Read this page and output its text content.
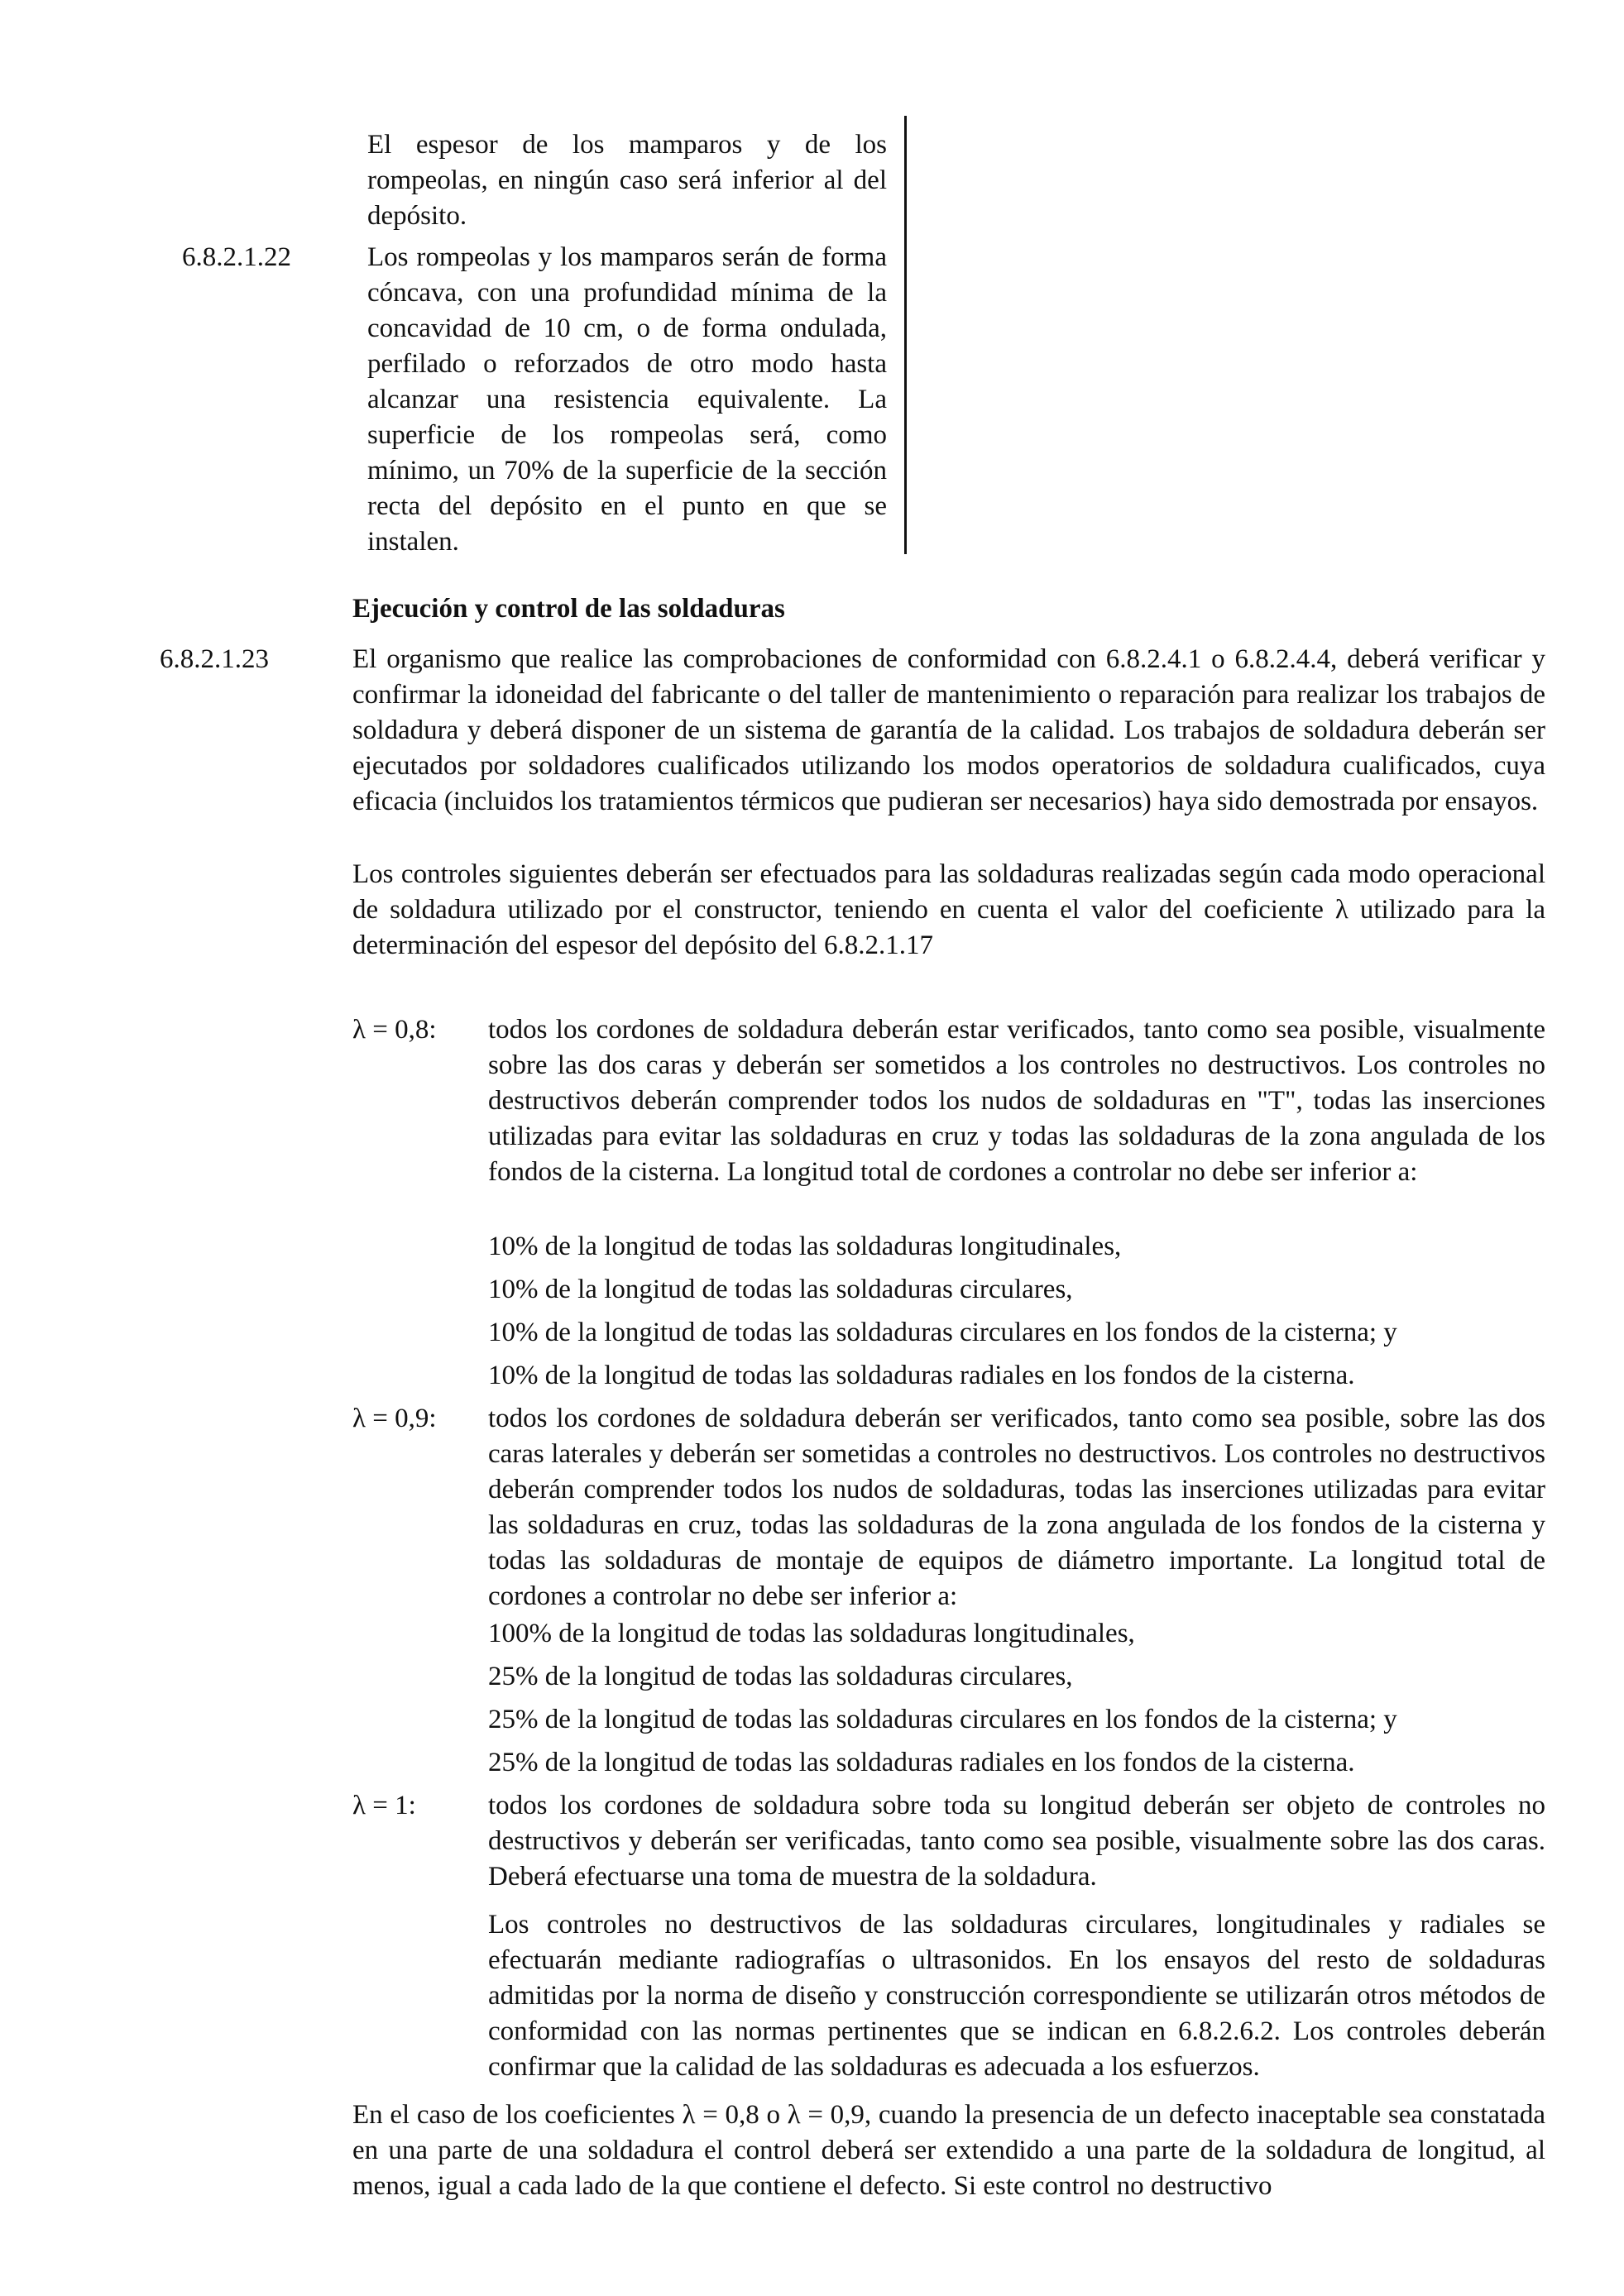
El espesor de los mamparos y de los rompeolas, en ningún caso será inferior al del depósito.

6.8.2.1.22	Los rompeolas y los mamparos serán de forma cóncava, con una profundidad mínima de la concavidad de 10 cm, o de forma ondulada, perfilado o reforzados de otro modo hasta alcanzar una resistencia equivalente. La superficie de los rompeolas será, como mínimo, un 70% de la superficie de la sección recta del depósito en el punto en que se instalen.

Ejecución y control de las soldaduras

6.8.2.1.23	El organismo que realice las comprobaciones de conformidad con 6.8.2.4.1 o 6.8.2.4.4, deberá verificar y confirmar la idoneidad del fabricante o del taller de mantenimiento o reparación para realizar los trabajos de soldadura y deberá disponer de un sistema de garantía de la calidad. Los trabajos de soldadura deberán ser ejecutados por soldadores cualificados utilizando los modos operatorios de soldadura cualificados, cuya eficacia (incluidos los tratamientos térmicos que pudieran ser necesarios) haya sido demostrada por ensayos.

Los controles siguientes deberán ser efectuados para las soldaduras realizadas según cada modo operacional de soldadura utilizado por el constructor, teniendo en cuenta el valor del coeficiente λ utilizado para la determinación del espesor del depósito del 6.8.2.1.17

λ = 0,8: todos los cordones de soldadura deberán estar verificados, tanto como sea posible, visualmente sobre las dos caras y deberán ser sometidos a los controles no destructivos. Los controles no destructivos deberán comprender todos los nudos de soldaduras en "T", todas las inserciones utilizadas para evitar las soldaduras en cruz y todas las soldaduras de la zona angulada de los fondos de la cisterna. La longitud total de cordones a controlar no debe ser inferior a:

10% de la longitud de todas las soldaduras longitudinales,

10% de la longitud de todas las soldaduras circulares,

10% de la longitud de todas las soldaduras circulares en los fondos de la cisterna; y

10% de la longitud de todas las soldaduras radiales en los fondos de la cisterna.

λ = 0,9: todos los cordones de soldadura deberán ser verificados, tanto como sea posible, sobre las dos caras laterales y deberán ser sometidas a controles no destructivos. Los controles no destructivos deberán comprender todos los nudos de soldaduras, todas las inserciones utilizadas para evitar las soldaduras en cruz, todas las soldaduras de la zona angulada de los fondos de la cisterna y todas las soldaduras de montaje de equipos de diámetro importante. La longitud total de cordones a controlar no debe ser inferior a:

100% de la longitud de todas las soldaduras longitudinales,

25% de la longitud de todas las soldaduras circulares,

25% de la longitud de todas las soldaduras circulares en los fondos de la cisterna; y

25% de la longitud de todas las soldaduras radiales en los fondos de la cisterna.

λ = 1:	todos los cordones de soldadura sobre toda su longitud deberán ser objeto de controles no destructivos y deberán ser verificadas, tanto como sea posible, visualmente sobre las dos caras. Deberá efectuarse una toma de muestra de la soldadura.

Los controles no destructivos de las soldaduras circulares, longitudinales y radiales se efectuarán mediante radiografías o ultrasonidos. En los ensayos del resto de soldaduras admitidas por la norma de diseño y construcción correspondiente se utilizarán otros métodos de conformidad con las normas pertinentes que se indican en 6.8.2.6.2. Los controles deberán confirmar que la calidad de las soldaduras es adecuada a los esfuerzos.

En el caso de los coeficientes λ = 0,8 o λ = 0,9, cuando la presencia de un defecto inaceptable sea constatada en una parte de una soldadura el control deberá ser extendido a una parte de la soldadura de longitud, al menos, igual a cada lado de la que contiene el defecto. Si este control no destructivo
